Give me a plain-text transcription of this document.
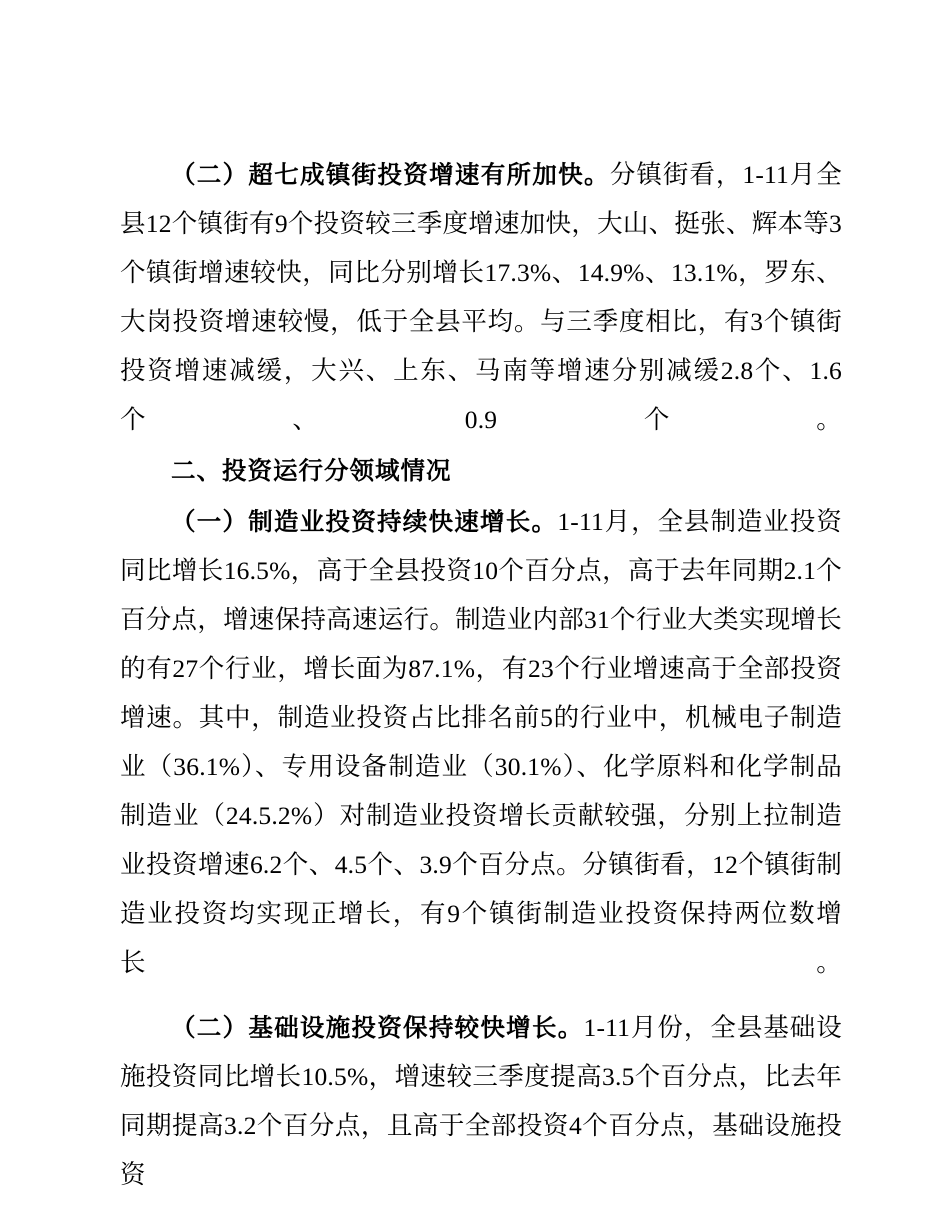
（二）超七成镇街投资增速有所加快。分镇街看，1-11月全县12个镇街有9个投资较三季度增速加快，大山、挺张、辉本等3个镇街增速较快，同比分别增长17.3%、14.9%、13.1%，罗东、大岗投资增速较慢，低于全县平均。与三季度相比，有3个镇街投资增速减缓，大兴、上东、马南等增速分别减缓2.8个、1.6个、0.9个。

二、投资运行分领域情况

（一）制造业投资持续快速增长。1-11月，全县制造业投资同比增长16.5%，高于全县投资10个百分点，高于去年同期2.1个百分点，增速保持高速运行。制造业内部31个行业大类实现增长的有27个行业，增长面为87.1%，有23个行业增速高于全部投资增速。其中，制造业投资占比排名前5的行业中，机械电子制造业（36.1%）、专用设备制造业（30.1%）、化学原料和化学制品制造业（24.5.2%）对制造业投资增长贡献较强，分别上拉制造业投资增速6.2个、4.5个、3.9个百分点。分镇街看，12个镇街制造业投资均实现正增长，有9个镇街制造业投资保持两位数增长。

（二）基础设施投资保持较快增长。1-11月份，全县基础设施投资同比增长10.5%，增速较三季度提高3.5个百分点，比去年同期提高3.2个百分点，且高于全部投资4个百分点，基础设施投资
